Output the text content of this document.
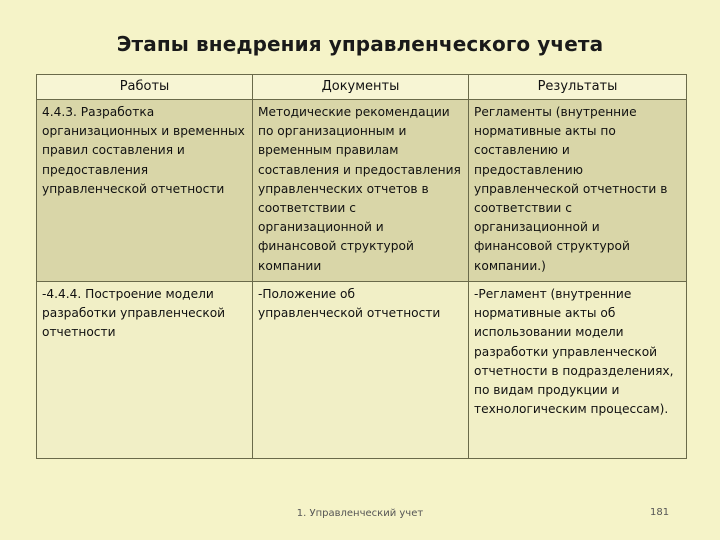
Этапы внедрения управленческого учета
Работы	Документы	Результаты
4.4.3. Разработка организационных и временных правил составления и предоставления управленческой отчетности	Методические рекомендации по организационным и временным правилам составления и предоставления управленческих отчетов в соответствии с организационной и финансовой структурой компании	Регламенты (внутренние нормативные акты по составлению и предоставлению управленческой отчетности в соответствии с организационной и финансовой структурой компании.)
-4.4.4. Построение модели разработки управленческой отчетности	-Положение об управленческой отчетности	-Регламент (внутренние нормативные акты об использовании модели разработки управленческой отчетности в подразделениях, по видам продукции и технологическим процессам).
1. Управленческий учет	181
